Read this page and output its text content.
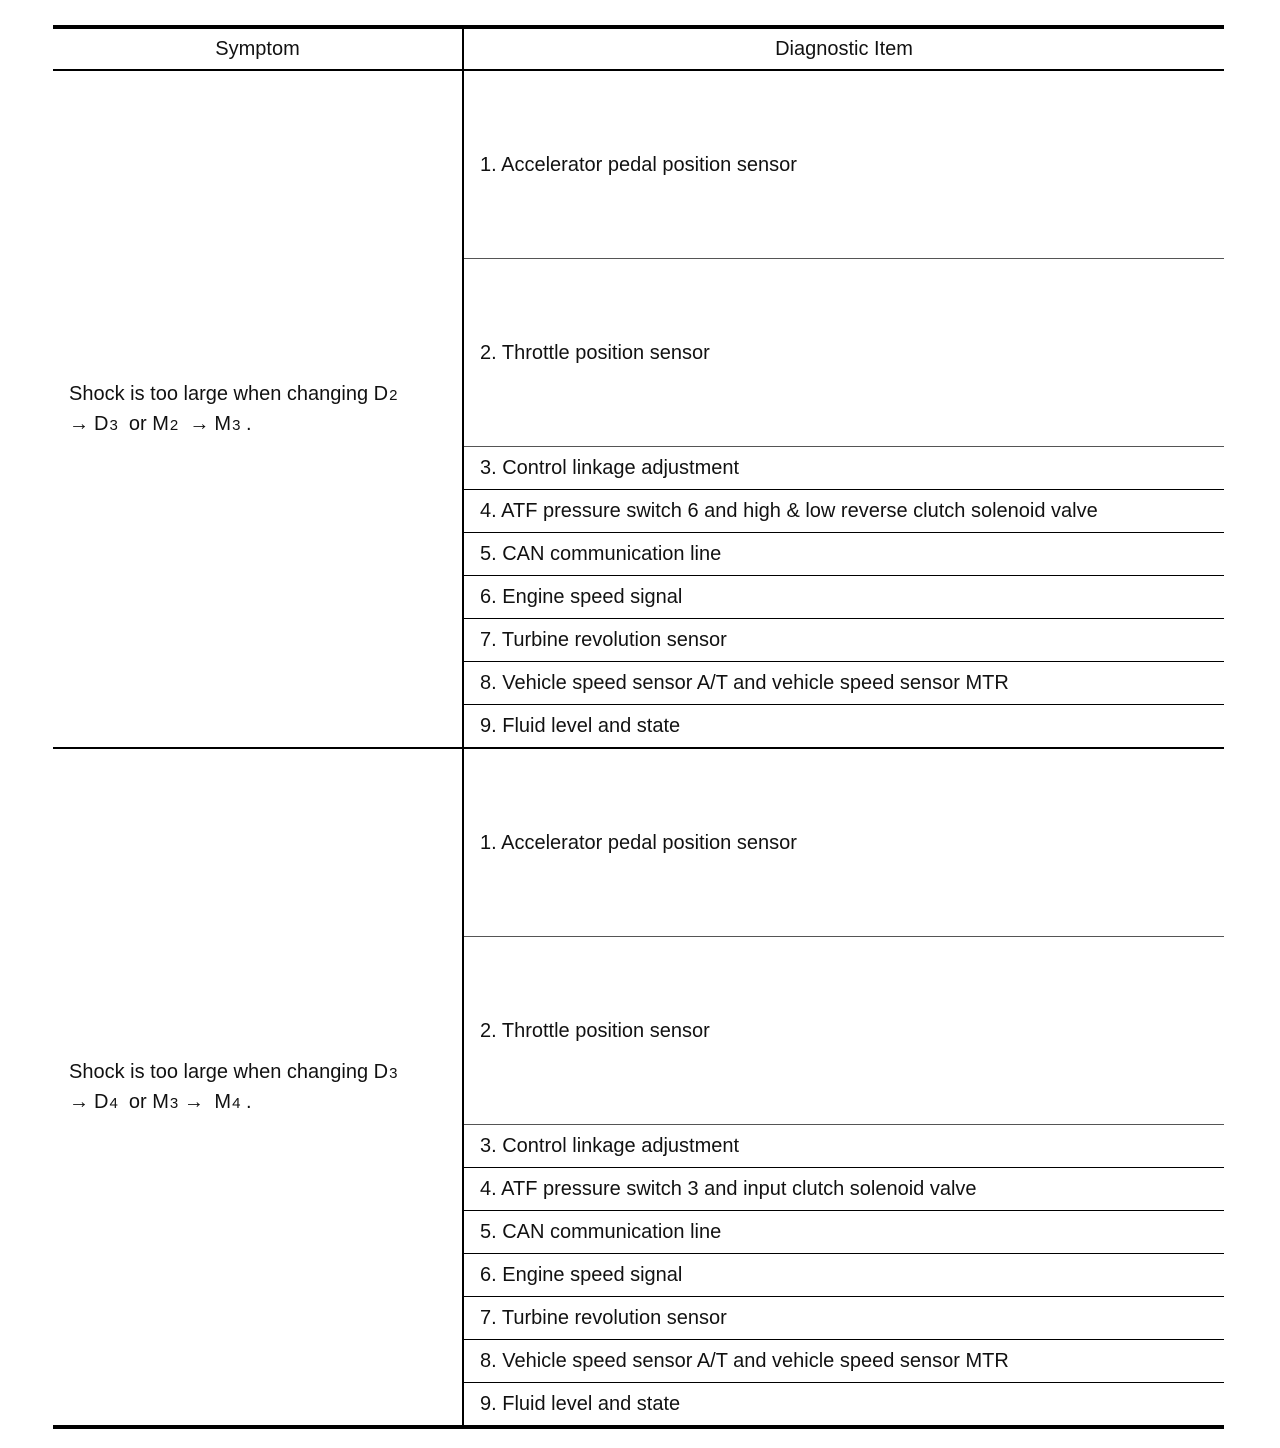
Symptom	Diagnostic Item
Shock is too large when changing D2
→ D3 or M2 → M3 .	1. Accelerator pedal position sensor
	2. Throttle position sensor
	3. Control linkage adjustment
	4. ATF pressure switch 6 and high & low reverse clutch solenoid valve
	5. CAN communication line
	6. Engine speed signal
	7. Turbine revolution sensor
	8. Vehicle speed sensor A/T and vehicle speed sensor MTR
	9. Fluid level and state
Shock is too large when changing D3
→ D4 or M3 → M4 .	1. Accelerator pedal position sensor
	2. Throttle position sensor
	3. Control linkage adjustment
	4. ATF pressure switch 3 and input clutch solenoid valve
	5. CAN communication line
	6. Engine speed signal
	7. Turbine revolution sensor
	8. Vehicle speed sensor A/T and vehicle speed sensor MTR
	9. Fluid level and state
